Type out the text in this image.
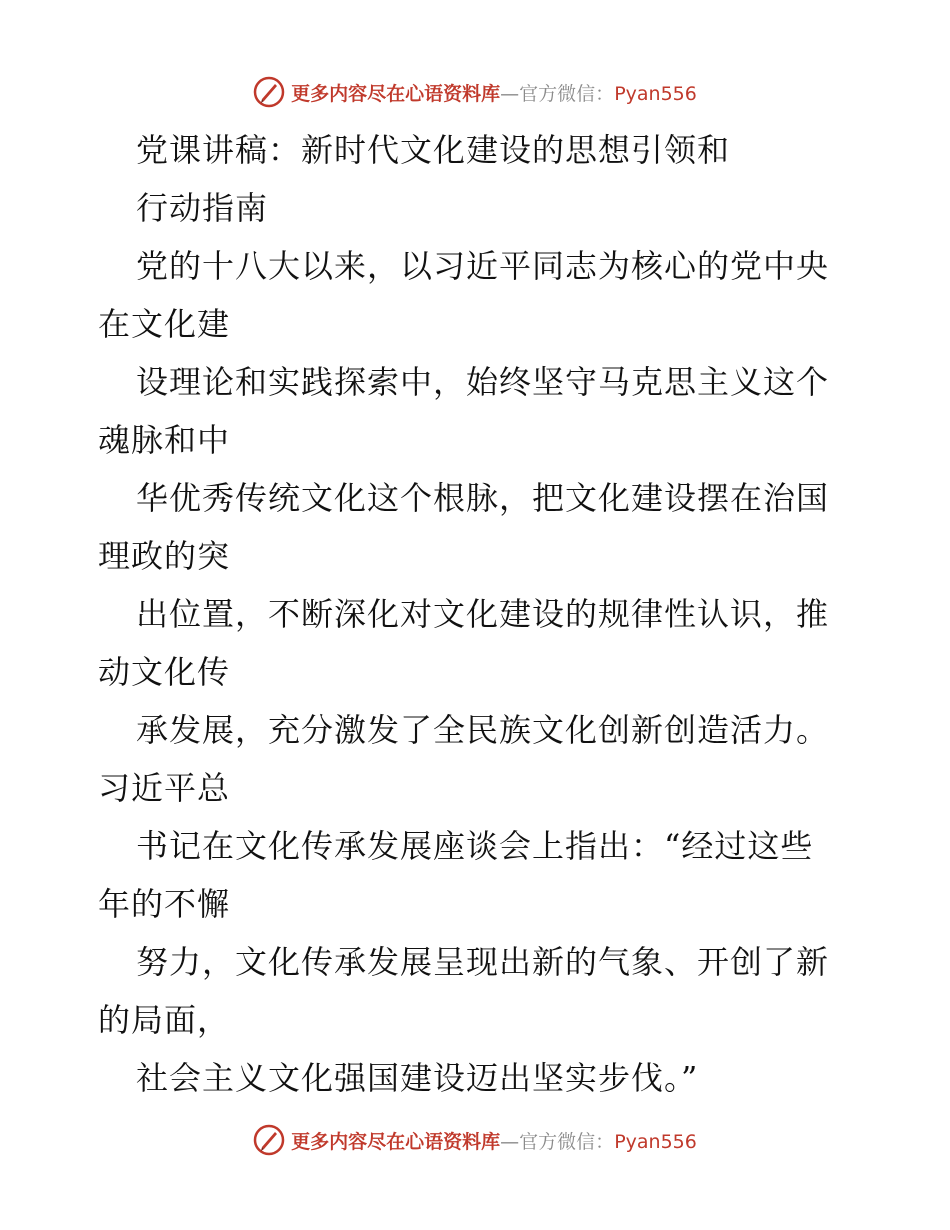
更多内容尽在心语资料库—官方微信：Pyan556
党课讲稿：新时代文化建设的思想引领和
行动指南
党的十八大以来，以习近平同志为核心的党中央
在文化建
设理论和实践探索中，始终坚守马克思主义这个
魂脉和中
华优秀传统文化这个根脉，把文化建设摆在治国
理政的突
出位置，不断深化对文化建设的规律性认识，推
动文化传
承发展，充分激发了全民族文化创新创造活力。
习近平总
书记在文化传承发展座谈会上指出：“经过这些
年的不懈
努力，文化传承发展呈现出新的气象、开创了新
的局面，
社会主义文化强国建设迈出坚实步伐。”
更多内容尽在心语资料库—官方微信：Pyan556
